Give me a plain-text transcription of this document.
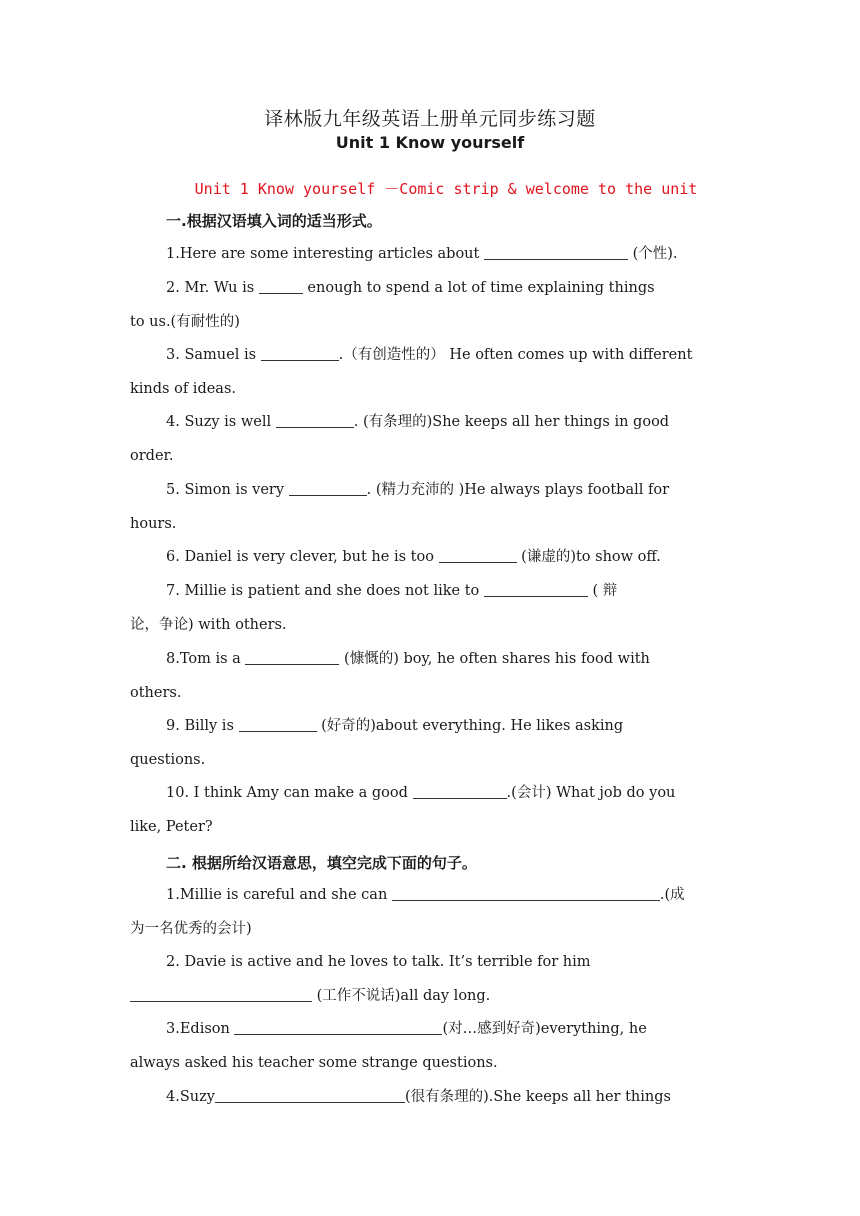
译林版九年级英语上册单元同步练习题
Unit 1 Know yourself
Unit 1 Know yourself －Comic strip & welcome to the unit
一.根据汉语填入词的适当形式。
1.Here are some interesting articles about	(个性).
2. Mr. Wu is	enough to spend a lot of time explaining things
to us.(有耐性的)
3. Samuel is	.（有创造性的） He often comes up with different
kinds of ideas.
4. Suzy is well	. (有条理的)She keeps all her things in good
order.
5. Simon is very	. (精力充沛的 )He always plays football for
hours.
6. Daniel is very clever, but he is too	(谦虚的)to show off.
7. Millie is patient and she does not like to	( 辩
论，争论) with others.
8.Tom is a	(慷慨的) boy, he often shares his food with
others.
9. Billy is	(好奇的)about everything. He likes asking
questions.
10. I think Amy can make a good	.(会计) What job do you
like, Peter?
二. 根据所给汉语意思，填空完成下面的句子。
1.Millie is careful and she can	.(成
为一名优秀的会计)
2. Davie is active and he loves to talk. It’s terrible for him
(工作不说话)all day long.
3.Edison	(对…感到好奇)everything, he
always asked his teacher some strange questions.
4.Suzy	(很有条理的).She keeps all her things
